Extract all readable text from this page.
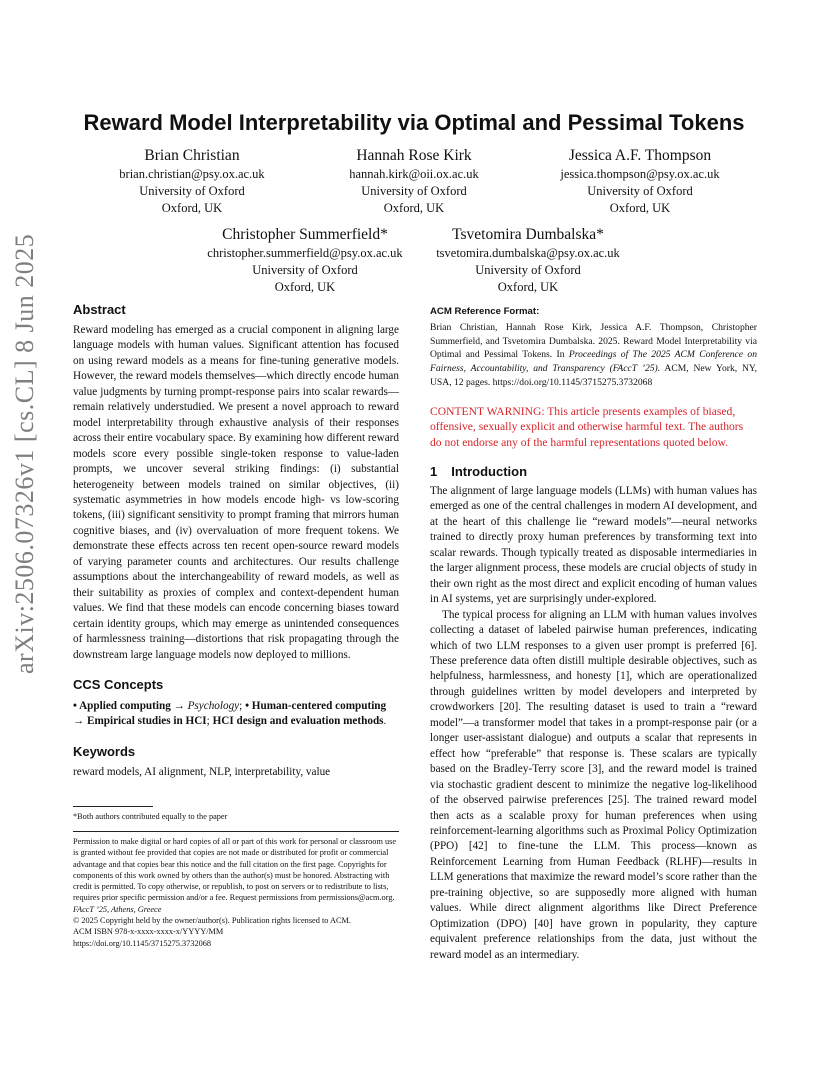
Reward Model Interpretability via Optimal and Pessimal Tokens
Brian Christian
brian.christian@psy.ox.ac.uk
University of Oxford
Oxford, UK
Hannah Rose Kirk
hannah.kirk@oii.ox.ac.uk
University of Oxford
Oxford, UK
Jessica A.F. Thompson
jessica.thompson@psy.ox.ac.uk
University of Oxford
Oxford, UK
Christopher Summerfield*
christopher.summerfield@psy.ox.ac.uk
University of Oxford
Oxford, UK
Tsvetomira Dumbalska*
tsvetomira.dumbalska@psy.ox.ac.uk
University of Oxford
Oxford, UK
arXiv:2506.07326v1 [cs.CL] 8 Jun 2025	Abstract
Reward modeling has emerged as a crucial component in aligning large language models with human values. Significant attention has focused on using reward models as a means for fine-tuning generative models. However, the reward models themselves—which directly encode human value judgments by turning prompt-response pairs into scalar rewards—remain relatively understudied. We present a novel approach to reward model interpretability through exhaustive analysis of their responses across their entire vocabulary space. By examining how different reward models score every possible single-token response to value-laden prompts, we uncover several striking findings: (i) substantial heterogeneity between models trained on similar objectives, (ii) systematic asymmetries in how models encode high- vs low-scoring tokens, (iii) significant sensitivity to prompt framing that mirrors human cognitive biases, and (iv) overvaluation of more frequent tokens. We demonstrate these effects across ten recent open-source reward models of varying parameter counts and architectures. Our results challenge assumptions about the interchangeability of reward models, as well as their suitability as proxies of complex and context-dependent human values. We find that these models can encode concerning biases toward certain identity groups, which may emerge as unintended consequences of harmlessness training—distortions that risk propagating through the downstream large language models now deployed to millions.
CCS Concepts
• Applied computing → Psychology; • Human-centered computing → Empirical studies in HCI; HCI design and evaluation methods.
Keywords
reward models, AI alignment, NLP, interpretability, value
*Both authors contributed equally to the paper
Permission to make digital or hard copies of all or part of this work for personal or classroom use is granted without fee provided that copies are not made or distributed for profit or commercial advantage and that copies bear this notice and the full citation on the first page. Copyrights for components of this work owned by others than the author(s) must be honored. Abstracting with credit is permitted. To copy otherwise, or republish, to post on servers or to redistribute to lists, requires prior specific permission and/or a fee. Request permissions from permissions@acm.org.
FAccT ’25, Athens, Greece
© 2025 Copyright held by the owner/author(s). Publication rights licensed to ACM.
ACM ISBN 978-x-xxxx-xxxx-x/YYYY/MM
https://doi.org/10.1145/3715275.3732068
ACM Reference Format:
Brian Christian, Hannah Rose Kirk, Jessica A.F. Thompson, Christopher Summerfield, and Tsvetomira Dumbalska. 2025. Reward Model Interpretability via Optimal and Pessimal Tokens. In Proceedings of The 2025 ACM Conference on Fairness, Accountability, and Transparency (FAccT ’25). ACM, New York, NY, USA, 12 pages. https://doi.org/10.1145/3715275.3732068
CONTENT WARNING: This article presents examples of biased, offensive, sexually explicit and otherwise harmful text. The authors do not endorse any of the harmful representations quoted below.
1 Introduction
The alignment of large language models (LLMs) with human values has emerged as one of the central challenges in modern AI development, and at the heart of this challenge lie “reward models”—neural networks trained to directly proxy human preferences by transforming text into scalar rewards. Though typically treated as disposable intermediaries in the larger alignment process, these models are crucial objects of study in their own right as the most direct and explicit encoding of human values in AI systems, yet are surprisingly under-explored.
The typical process for aligning an LLM with human values involves collecting a dataset of labeled pairwise human preferences, indicating which of two LLM responses to a given user prompt is preferred [6]. These preference data often distill multiple desirable objectives, such as helpfulness, harmlessness, and honesty [1], which are operationalized through guidelines written by model developers and interpreted by crowdworkers [20]. The resulting dataset is used to train a “reward model”—a transformer model that takes in a prompt-response pair (or a longer user-assistant dialogue) and outputs a scalar that represents in effect how “preferable” that response is. These scalars are typically based on the Bradley-Terry score [3], and the reward model is trained via stochastic gradient descent to minimize the negative log-likelihood of the observed pairwise preferences [25]. The trained reward model then acts as a scalable proxy for human preferences when using reinforcement-learning algorithms such as Proximal Policy Optimization (PPO) [42] to fine-tune the LLM. This process—known as Reinforcement Learning from Human Feedback (RLHF)—results in LLM generations that maximize the reward model’s score rather than the pre-training objective, so are supposedly more aligned with human values. While direct alignment algorithms like Direct Preference Optimization (DPO) [40] have grown in popularity, they capture equivalent preference relationships from the data, just without the reward model as an intermediary.
